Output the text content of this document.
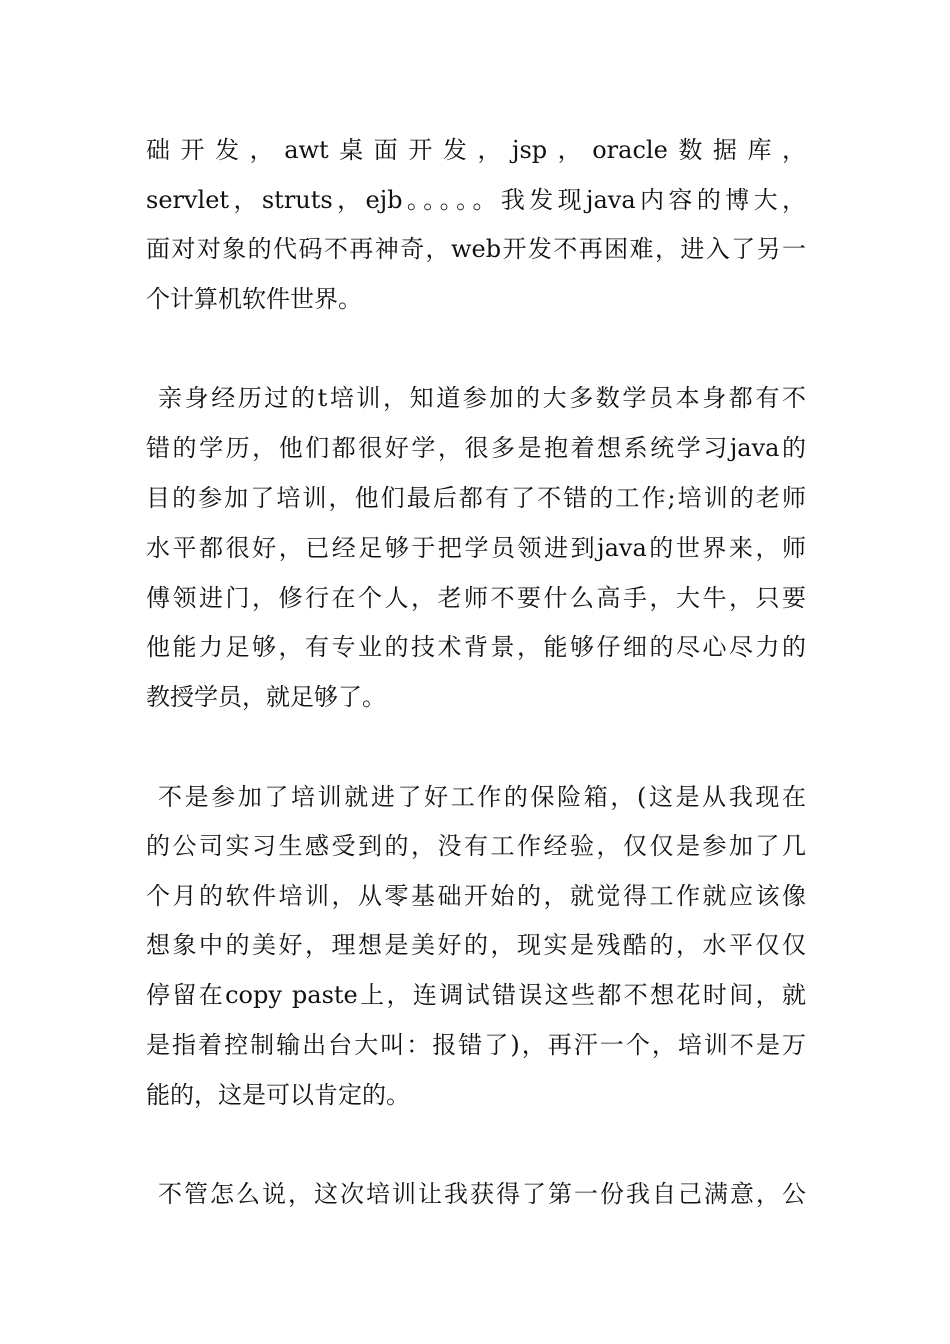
础开发，awt桌面开发，jsp，oracle数据库，
servlet，struts，ejb。。。。。我发现java内容的博大，
面对对象的代码不再神奇，web开发不再困难，进入了另一
个计算机软件世界。
亲身经历过的t培训，知道参加的大多数学员本身都有不
错的学历，他们都很好学，很多是抱着想系统学习java的
目的参加了培训，他们最后都有了不错的工作;培训的老师
水平都很好，已经足够于把学员领进到java的世界来，师
傅领进门，修行在个人，老师不要什么高手，大牛，只要
他能力足够，有专业的技术背景，能够仔细的尽心尽力的
教授学员，就足够了。
不是参加了培训就进了好工作的保险箱，(这是从我现在
的公司实习生感受到的，没有工作经验，仅仅是参加了几
个月的软件培训，从零基础开始的，就觉得工作就应该像
想象中的美好，理想是美好的，现实是残酷的，水平仅仅
停留在copy paste上，连调试错误这些都不想花时间，就
是指着控制输出台大叫：报错了)，再汗一个，培训不是万
能的，这是可以肯定的。
不管怎么说，这次培训让我获得了第一份我自己满意，公
